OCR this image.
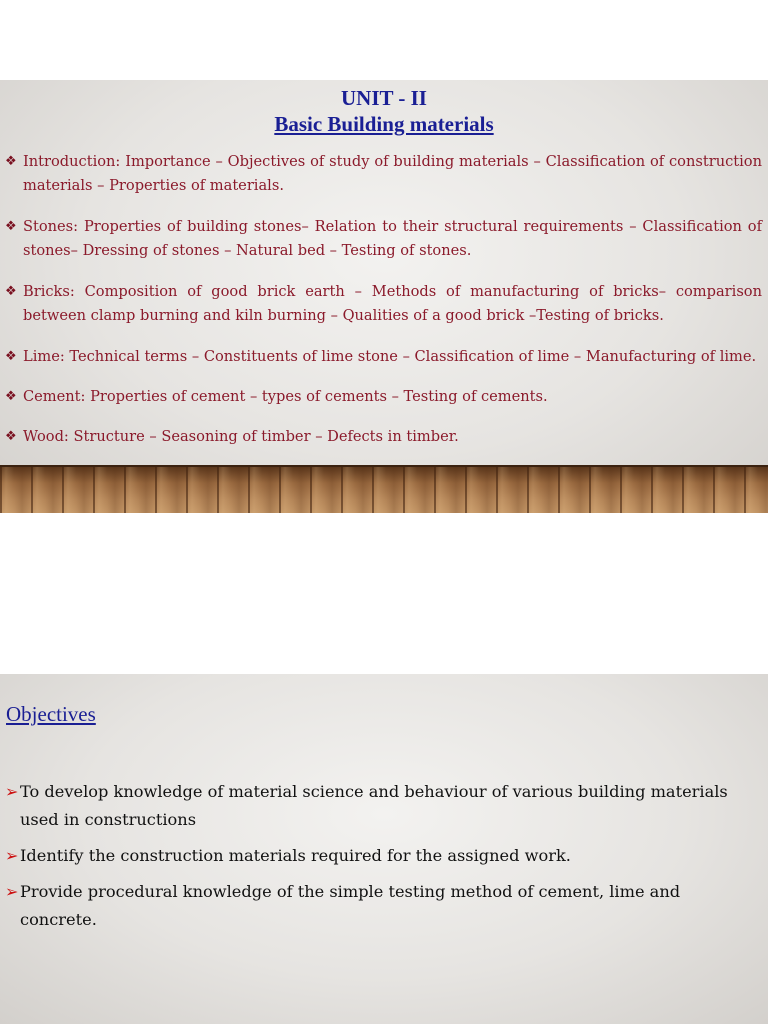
UNIT - II
Basic Building materials
❖ Introduction: Importance – Objectives of study of building materials – Classification of construction materials – Properties of materials.
❖ Stones: Properties of building stones– Relation to their structural requirements – Classification of stones– Dressing of stones – Natural bed – Testing of stones.
❖ Bricks: Composition of good brick earth – Methods of manufacturing of bricks– comparison between clamp burning and kiln burning – Qualities of a good brick –Testing of bricks.
❖ Lime: Technical terms – Constituents of lime stone – Classification of lime – Manufacturing of lime.
❖ Cement: Properties of cement – types of cements – Testing of cements.
❖ Wood: Structure – Seasoning of timber – Defects in timber.
Objectives
➢ To develop knowledge of material science and behaviour of various building materials used in constructions
➢ Identify the construction materials required for the assigned work.
➢ Provide procedural knowledge of the simple testing method of cement, lime and concrete.
